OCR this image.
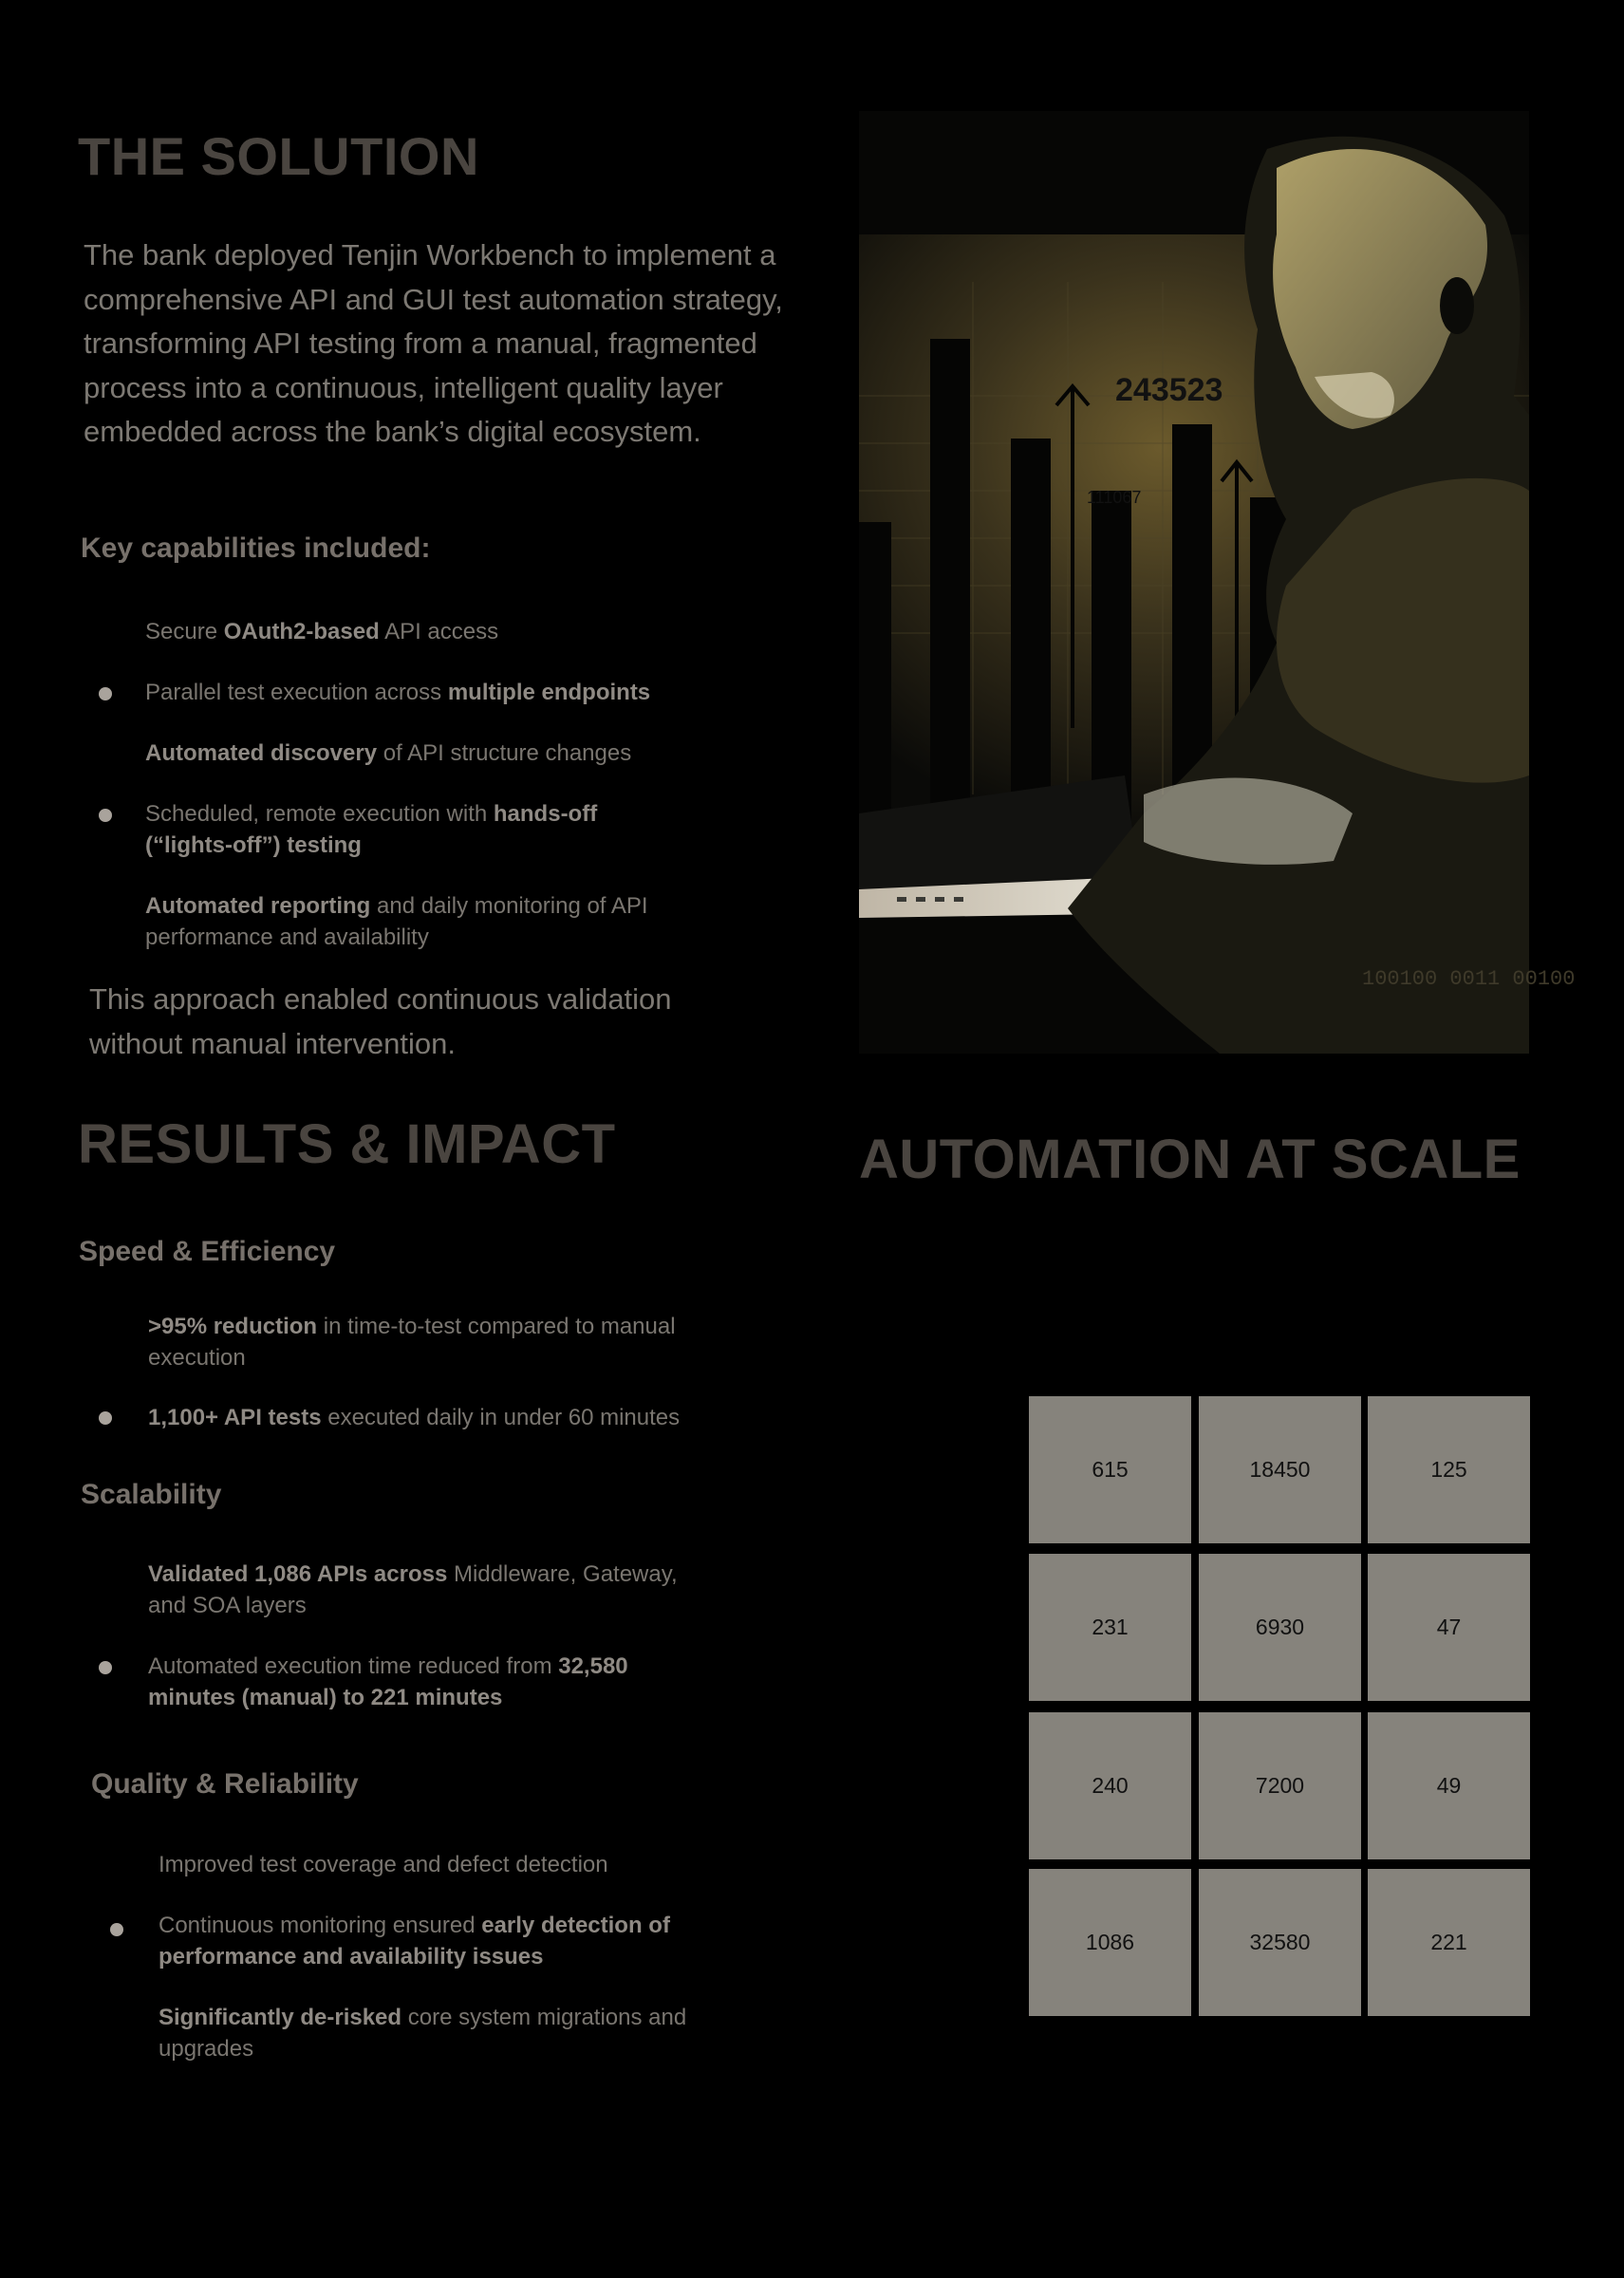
THE SOLUTION
The bank deployed Tenjin Workbench to implement a comprehensive API and GUI test automation strategy, transforming API testing from a manual, fragmented process into a continuous, intelligent quality layer embedded across the bank’s digital ecosystem.
Key capabilities included:
Secure OAuth2-based API access
Parallel test execution across multiple endpoints
Automated discovery of API structure changes
Scheduled, remote execution with hands-off (“lights-off”) testing
Automated reporting and daily monitoring of API performance and availability
This approach enabled continuous validation without manual intervention.
RESULTS & IMPACT
Speed & Efficiency
>95% reduction in time-to-test compared to manual execution
1,100+ API tests executed daily in under 60 minutes
Scalability
Validated 1,086 APIs across Middleware, Gateway, and SOA layers
Automated execution time reduced from 32,580 minutes (manual) to 221 minutes
Quality & Reliability
Improved test coverage and defect detection
Continuous monitoring ensured early detection of performance and availability issues
Significantly de-risked core system migrations and upgrades
243523
111067
100100 0011 00100
AUTOMATION AT SCALE
615	18450	125
231	6930	47
240	7200	49
1086	32580	221
